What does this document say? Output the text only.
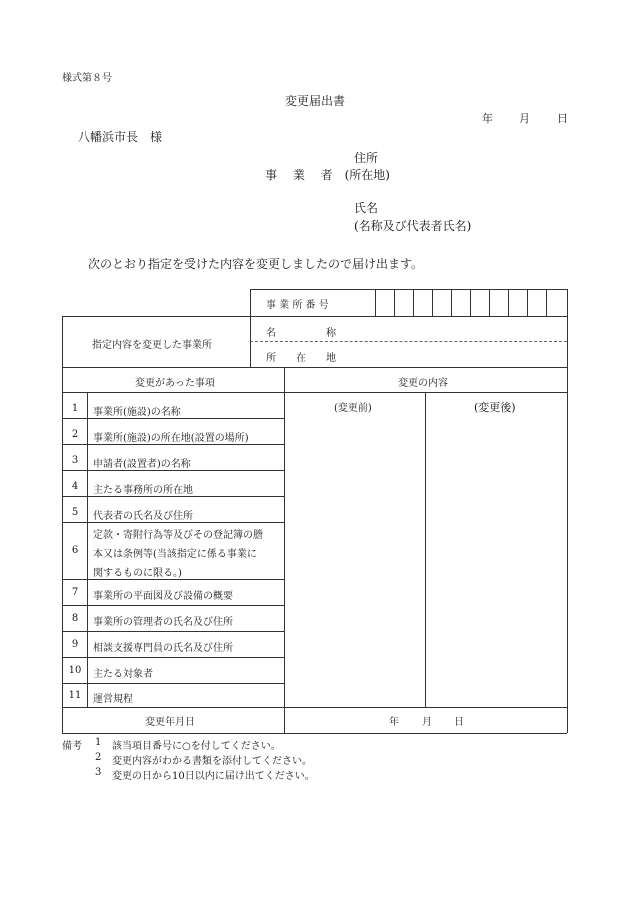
様式第８号
変更届出書
年 月 日
八幡浜市長　様
住所
事　 業　 者　(所在地)
氏名
(名称及び代表者氏名)
次のとおり指定を受けた内容を変更しましたので届け出ます。
事 業 所 番 号
指定内容を変更した事業所
名　　　　　称
所　　在　　地
変更があった事項	変更の内容
(変更前)	(変更後)
1	事業所(施設)の名称
2	事業所(施設)の所在地(設置の場所)
3	申請者(設置者)の名称
4	主たる事務所の所在地
5	代表者の氏名及び住所
6
定款・寄附行為等及びその登記簿の謄
本又は条例等(当該指定に係る事業に
関するものに限る。)
7	事業所の平面図及び設備の概要
8	事業所の管理者の氏名及び住所
9	相談支援専門員の氏名及び住所
10	主たる対象者
11	運営規程
変更年月日	年 月 日
備考 1 該当項目番号に○を付してください。
2 変更内容がわかる書類を添付してください。
3 変更の日から10日以内に届け出てください。
